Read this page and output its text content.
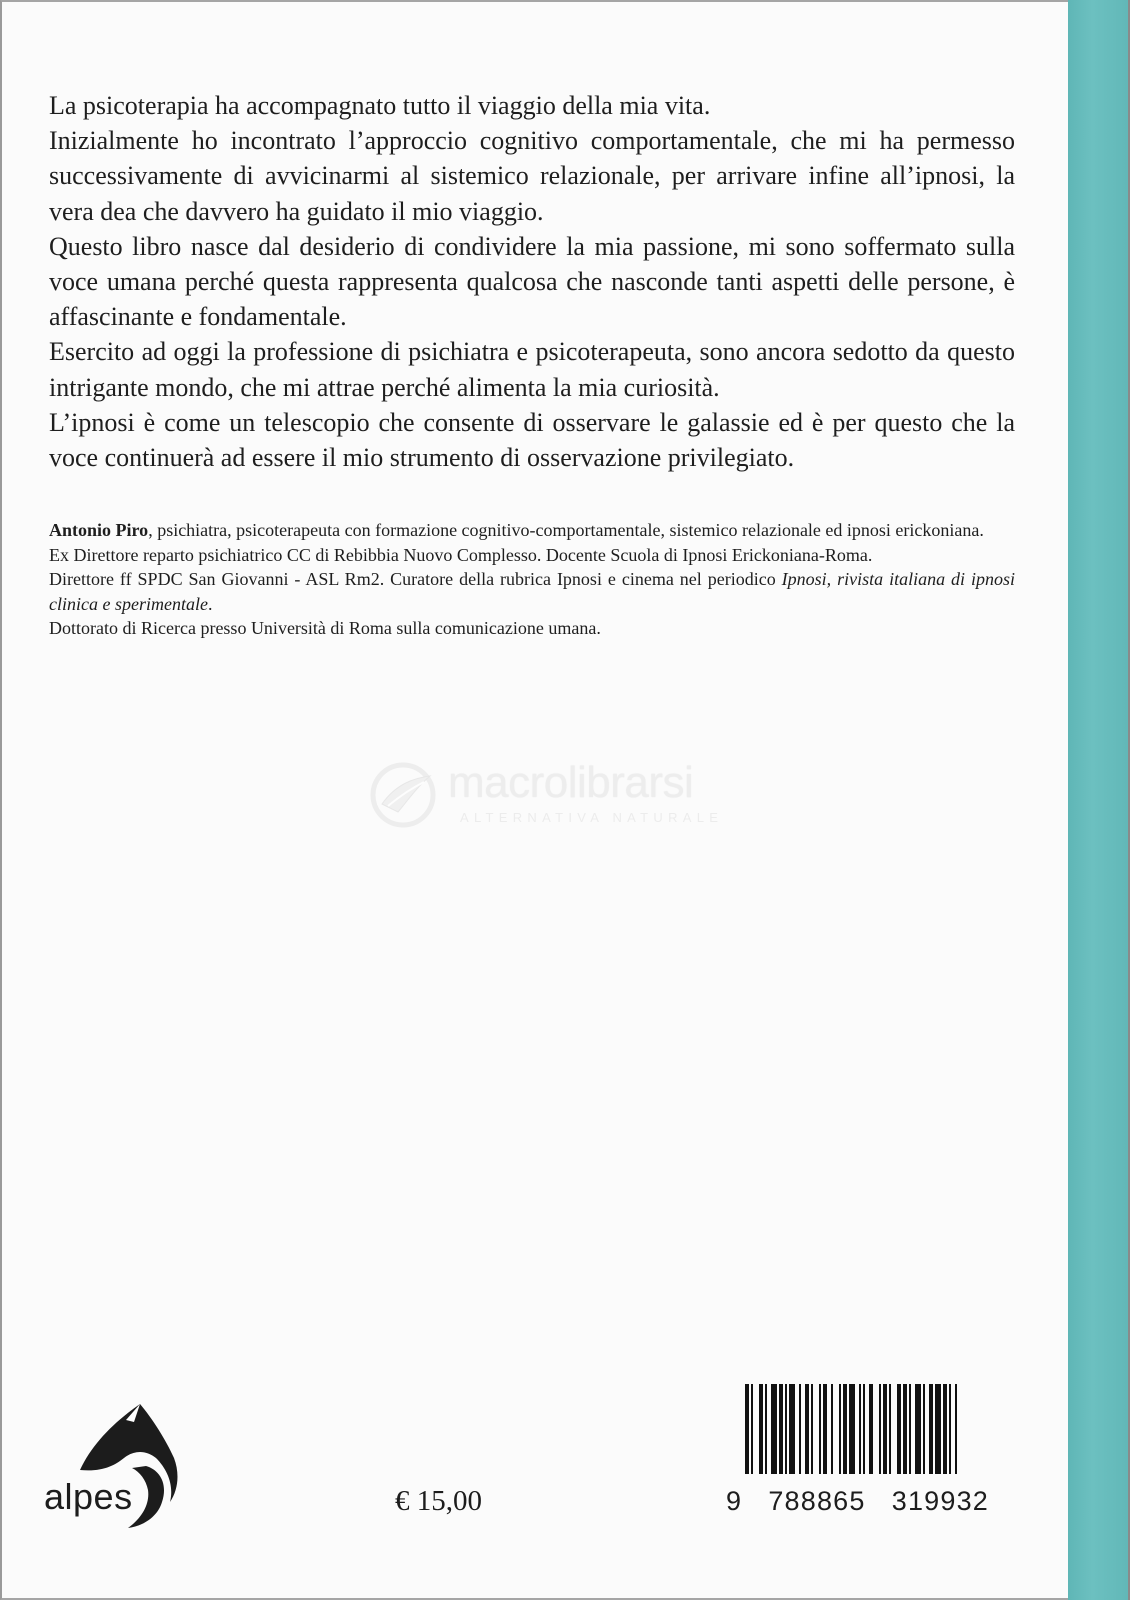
La psicoterapia ha accompagnato tutto il viaggio della mia vita.

Inizialmente ho incontrato l’approccio cognitivo comportamentale, che mi ha permesso successivamente di avvicinarmi al sistemico relazionale, per arrivare infine all’ipnosi, la vera dea che davvero ha guidato il mio viaggio.

Questo libro nasce dal desiderio di condividere la mia passione, mi sono soffermato sulla voce umana perché questa rappresenta qualcosa che nasconde tanti aspetti delle persone, è affascinante e fondamentale.

Esercito ad oggi la professione di psichiatra e psicoterapeuta, sono ancora sedotto da questo intrigante mondo, che mi attrae perché alimenta la mia curiosità.

L’ipnosi è come un telescopio che consente di osservare le galassie ed è per questo che la voce continuerà ad essere il mio strumento di osservazione privilegiato.

Antonio Piro, psichiatra, psicoterapeuta con formazione cognitivo-comportamentale, sistemico relazionale ed ipnosi erickoniana.

Ex Direttore reparto psichiatrico CC di Rebibbia Nuovo Complesso. Docente Scuola di Ipnosi Erickoniana-Roma.

Direttore ff SPDC San Giovanni - ASL Rm2. Curatore della rubrica Ipnosi e cinema nel periodico Ipnosi, rivista italiana di ipnosi clinica e sperimentale.

Dottorato di Ricerca presso Università di Roma sulla comunicazione umana.

macrolibrarsi
ALTERNATIVA NATURALE
alpes	€ 15,00	9   788865   319932
